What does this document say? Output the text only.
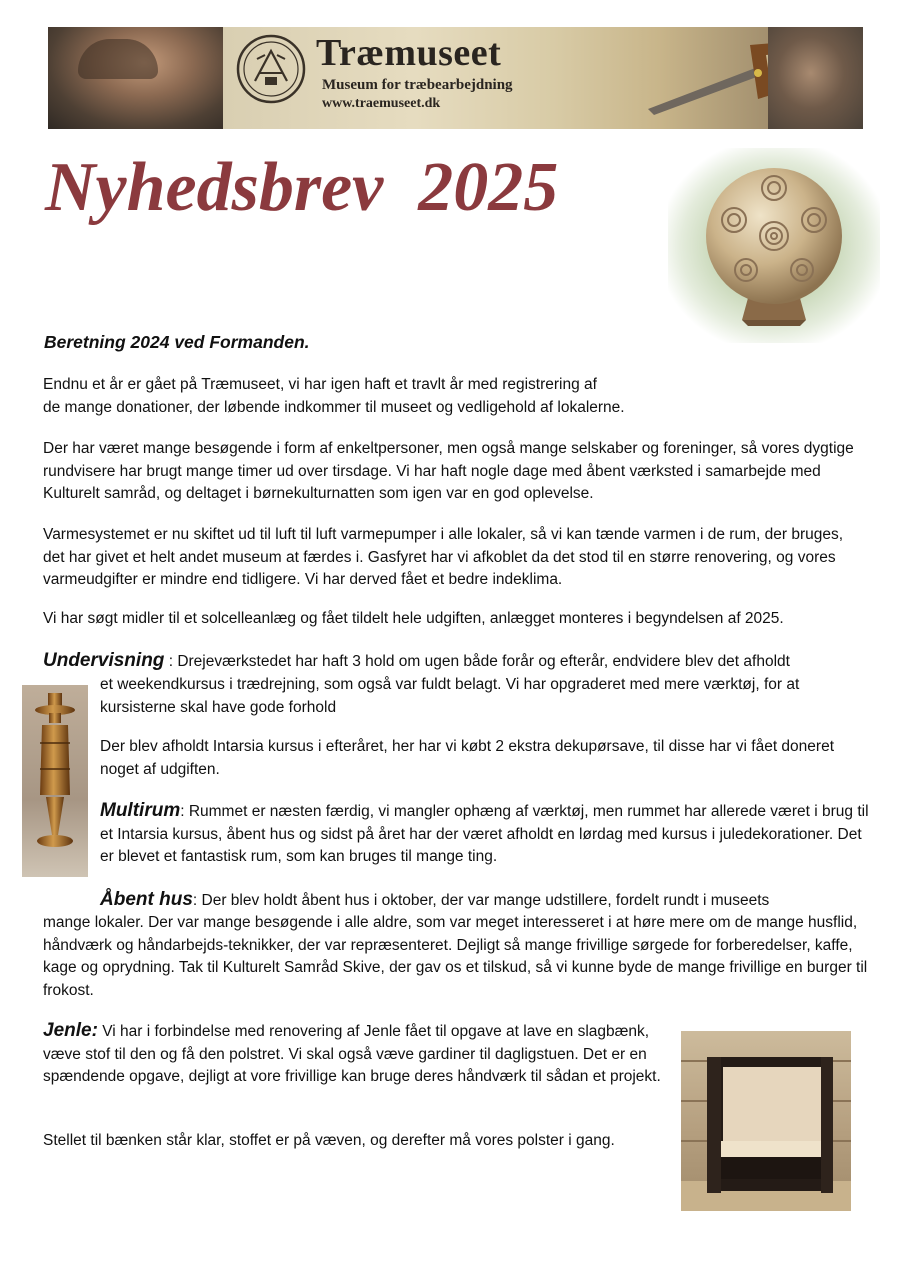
Træmuseet
Museum for træbearbejdning
www.traemuseet.dk
Nyhedsbrev  2025
Beretning 2024 ved Formanden.

Endnu et år er gået på Træmuseet, vi har igen haft et travlt år med registrering af
de mange donationer, der løbende indkommer til museet og vedligehold af lokalerne.

Der har været mange besøgende i form af enkeltpersoner, men også mange selskaber og foreninger, så vores dygtige rundvisere har brugt mange timer ud over tirsdage. Vi har haft nogle dage med åbent værksted i samarbejde med Kulturelt samråd, og deltaget i børnekulturnatten som igen var en god oplevelse.

Varmesystemet er nu skiftet ud til luft til luft varmepumper i alle lokaler, så vi kan tænde varmen i de rum, der bruges, det har givet et helt andet museum at færdes i. Gasfyret har vi afkoblet da det stod til en større renovering, og vores varmeudgifter er mindre end tidligere. Vi har derved fået et bedre indeklima.

Vi har søgt midler til et solcelleanlæg og fået tildelt hele udgiften, anlægget monteres i begyndelsen af 2025.

Undervisning : Drejeværkstedet har haft 3 hold om ugen både forår og efterår, endvidere blev det afholdt

et weekendkursus i trædrejning, som også var fuldt belagt. Vi har opgraderet med mere værktøj, for at kursisterne skal have gode forhold

Der blev afholdt Intarsia kursus i efteråret, her har vi købt 2 ekstra dekupørsave, til disse har vi fået doneret noget af udgiften.

Multirum: Rummet er næsten færdig, vi mangler ophæng af værktøj, men rummet har allerede været i brug til et Intarsia kursus, åbent hus og sidst på året har der været afholdt en lørdag med kursus i juledekorationer. Det er blevet et fantastisk rum, som kan bruges til mange ting.

Åbent hus: Der blev holdt åbent hus i oktober, der var mange udstillere, fordelt rundt i museets

mange lokaler. Der var mange besøgende i alle aldre, som var meget interesseret i at høre mere om de mange husflid, håndværk og håndarbejds-teknikker, der var repræsenteret. Dejligt så mange frivillige sørgede for forberedelser, kaffe, kage og oprydning. Tak til Kulturelt Samråd Skive, der gav os et tilskud, så vi kunne byde de mange frivillige en burger til frokost.

Jenle: Vi har i forbindelse med renovering af Jenle fået til opgave at lave en slagbænk, væve stof til den og få den polstret. Vi skal også væve gardiner til dagligstuen. Det er en spændende opgave, dejligt at vore frivillige kan bruge deres håndværk til sådan et projekt.

Stellet til bænken står klar, stoffet er på væven, og derefter må vores polster i gang.
